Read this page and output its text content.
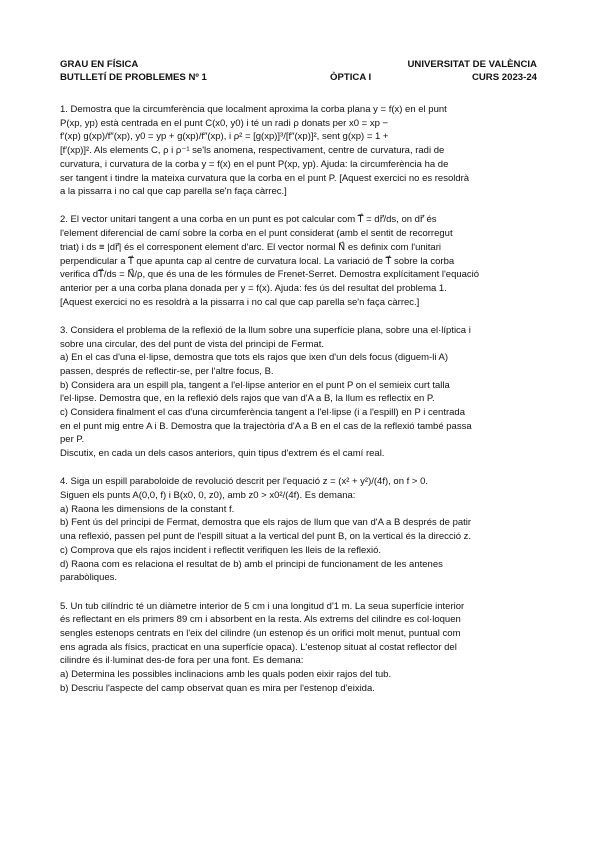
GRAU EN FÍSICA	UNIVERSITAT DE VALÈNCIA
BUTLLETÍ DE PROBLEMES Nº 1	ÒPTICA I	CURS 2023-24

1. Demostra que la circumferència que localment aproxima la corba plana y = f(x) en el punt

P(xp, yp) està centrada en el punt C(x0, y0) i té un radi ρ donats per x0 = xp −

f′(xp) g(xp)/f″(xp), y0 = yp + g(xp)/f″(xp), i ρ² = [g(xp)]³/[f″(xp)]², sent g(xp) = 1 +

[f′(xp)]². Als elements C, ρ i ρ⁻¹ se'ls anomena, respectivament, centre de curvatura, radi de

curvatura, i curvatura de la corba y = f(x) en el punt P(xp, yp). Ajuda: la circumferència ha de

ser tangent i tindre la mateixa curvatura que la corba en el punt P. [Aquest exercici no es resoldrà

a la pissarra i no cal que cap parella se'n faça càrrec.]

2. El vector unitari tangent a una corba en un punt es pot calcular com T⃗ = dr⃗/ds, on dr⃗ és

l'element diferencial de camí sobre la corba en el punt considerat (amb el sentit de recorregut

triat) i ds ≡ |dr⃗| és el corresponent element d'arc. El vector normal N⃗ es definix com l'unitari

perpendicular a T⃗ que apunta cap al centre de curvatura local. La variació de T⃗ sobre la corba

verifica dT⃗/ds = N⃗/ρ, que és una de les fórmules de Frenet-Serret. Demostra explícitament l'equació

anterior per a una corba plana donada per y = f(x). Ajuda: fes ús del resultat del problema 1.

[Aquest exercici no es resoldrà a la pissarra i no cal que cap parella se'n faça càrrec.]

3. Considera el problema de la reflexió de la llum sobre una superfície plana, sobre una el·líptica i

sobre una circular, des del punt de vista del principi de Fermat.

a) En el cas d'una el·lipse, demostra que tots els rajos que ixen d'un dels focus (diguem-li A)

passen, després de reflectir-se, per l'altre focus, B.

b) Considera ara un espill pla, tangent a l'el·lipse anterior en el punt P on el semieix curt talla

l'el·lipse. Demostra que, en la reflexió dels rajos que van d'A a B, la llum es reflectix en P.

c) Considera finalment el cas d'una circumferència tangent a l'el·lipse (i a l'espill) en P i centrada

en el punt mig entre A i B. Demostra que la trajectòria d'A a B en el cas de la reflexió també passa

per P.

Discutix, en cada un dels casos anteriors, quin tipus d'extrem és el camí real.

4. Siga un espill paraboloide de revolució descrit per l'equació z = (x² + y²)/(4f), on f > 0.

Siguen els punts A(0,0, f) i B(x0, 0, z0), amb z0 > x0²/(4f). Es demana:

a) Raona les dimensions de la constant f.

b) Fent ús del principi de Fermat, demostra que els rajos de llum que van d'A a B després de patir

una reflexió, passen pel punt de l'espill situat a la vertical del punt B, on la vertical és la direcció z.

c) Comprova que els rajos incident i reflectit verifiquen les lleis de la reflexió.

d) Raona com es relaciona el resultat de b) amb el principi de funcionament de les antenes

parabòliques.

5. Un tub cilíndric té un diàmetre interior de 5 cm i una longitud d'1 m. La seua superfície interior

és reflectant en els primers 89 cm i absorbent en la resta. Als extrems del cilindre es col·loquen

sengles estenops centrats en l'eix del cilindre (un estenop és un orifici molt menut, puntual com

ens agrada als físics, practicat en una superfície opaca). L'estenop situat al costat reflector del

cilindre és il·luminat des-de fora per una font. Es demana:

a) Determina les possibles inclinacions amb les quals poden eixir rajos del tub.

b) Descriu l'aspecte del camp observat quan es mira per l'estenop d'eixida.
